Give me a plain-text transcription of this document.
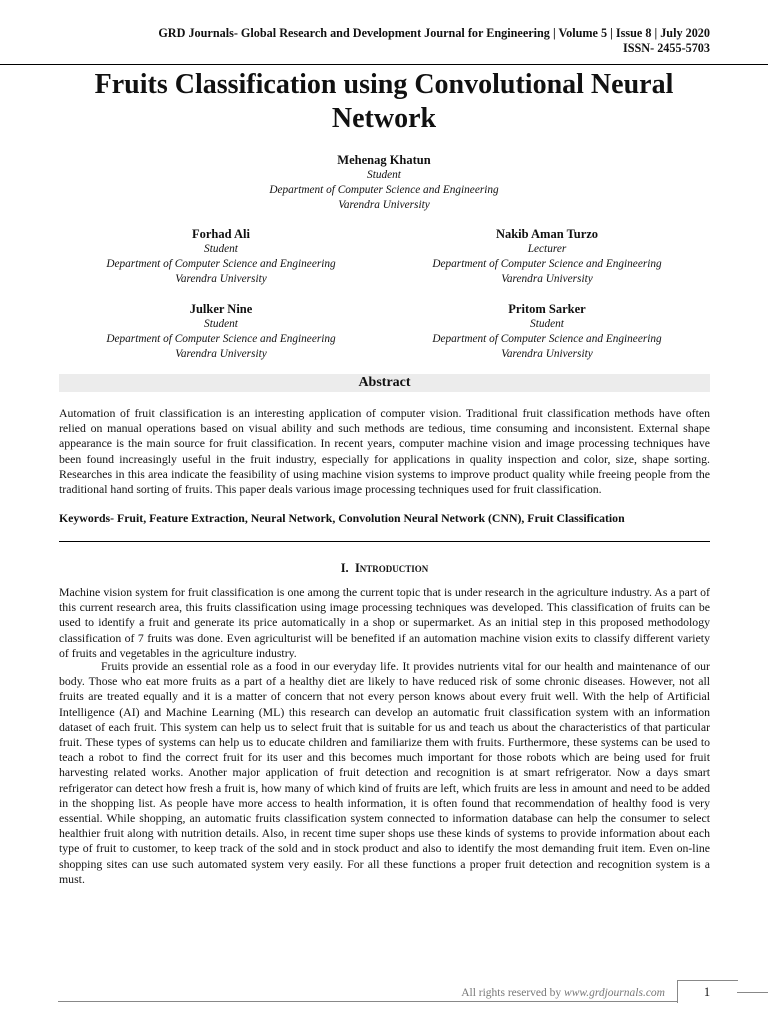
GRD Journals- Global Research and Development Journal for Engineering | Volume 5 | Issue 8 | July 2020
ISSN- 2455-5703
Fruits Classification using Convolutional Neural Network
Mehenag Khatun
Student
Department of Computer Science and Engineering
Varendra University
Forhad Ali
Student
Department of Computer Science and Engineering
Varendra University
Nakib Aman Turzo
Lecturer
Department of Computer Science and Engineering
Varendra University
Julker Nine
Student
Department of Computer Science and Engineering
Varendra University
Pritom Sarker
Student
Department of Computer Science and Engineering
Varendra University
Abstract

Automation of fruit classification is an interesting application of computer vision. Traditional fruit classification methods have often relied on manual operations based on visual ability and such methods are tedious, time consuming and inconsistent. External shape appearance is the main source for fruit classification. In recent years, computer machine vision and image processing techniques have been found increasingly useful in the fruit industry, especially for applications in quality inspection and color, size, shape sorting. Researches in this area indicate the feasibility of using machine vision systems to improve product quality while freeing people from the traditional hand sorting of fruits. This paper deals various image processing techniques used for fruit classification.

Keywords- Fruit, Feature Extraction, Neural Network, Convolution Neural Network (CNN), Fruit Classification
I. Introduction

Machine vision system for fruit classification is one among the current topic that is under research in the agriculture industry. As a part of this current research area, this fruits classification using image processing techniques was developed. This classification of fruits can be used to identify a fruit and generate its price automatically in a shop or supermarket. As an initial step in this proposed methodology classification of 7 fruits was done. Even agriculturist will be benefited if an automation machine vision exits to classify different variety of fruits and vegetables in the agriculture industry.

Fruits provide an essential role as a food in our everyday life. It provides nutrients vital for our health and maintenance of our body. Those who eat more fruits as a part of a healthy diet are likely to have reduced risk of some chronic diseases. However, not all fruits are treated equally and it is a matter of concern that not every person knows about every fruit well. With the help of Artificial Intelligence (AI) and Machine Learning (ML) this research can develop an automatic fruit classification system with an information dataset of each fruit. This system can help us to select fruit that is suitable for us and teach us about the characteristics of that particular fruit. These types of systems can help us to educate children and familiarize them with fruits. Furthermore, these systems can be used to teach a robot to find the correct fruit for its user and this becomes much important for those robots which are being used for fruit harvesting related works. Another major application of fruit detection and recognition is at smart refrigerator. Now a days smart refrigerator can detect how fresh a fruit is, how many of which kind of fruits are left, which fruits are less in amount and need to be added in the shopping list. As people have more access to health information, it is often found that recommendation of healthy food is very essential. While shopping, an automatic fruits classification system connected to information database can help the consumer to select healthier fruit along with nutrition details. Also, in recent time super shops use these kinds of systems to provide information about each type of fruit to customer, to keep track of the sold and in stock product and also to identify the most demanding fruit item. Even on-line shopping sites can use such automated system very easily. For all these functions a proper fruit detection and recognition system is a must.

All rights reserved by www.grdjournals.com	1
